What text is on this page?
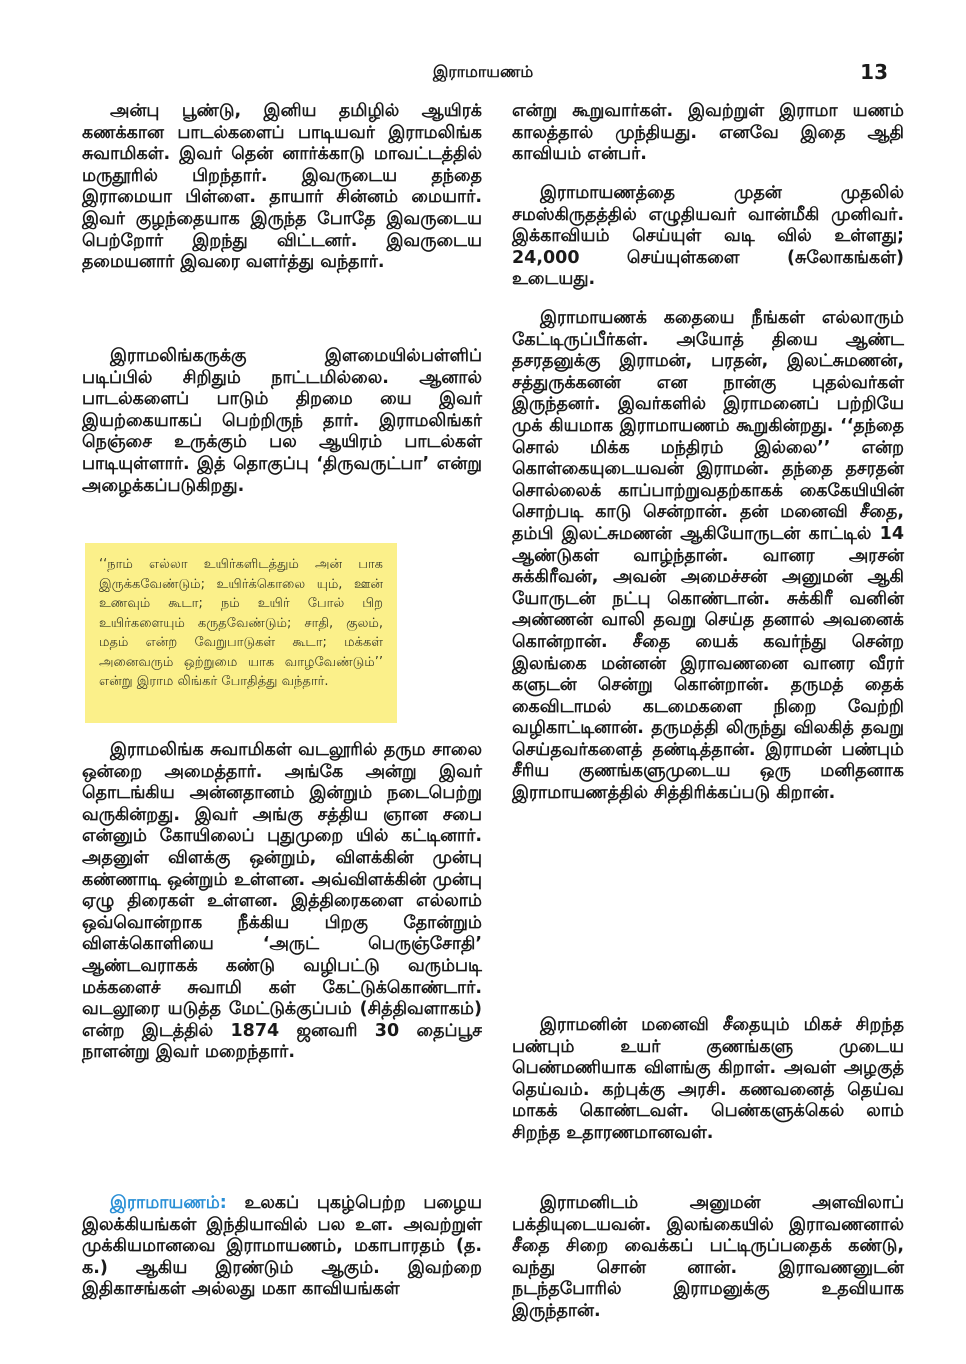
இராமாயணம்	13

அன்பு பூண்டு, இனிய தமிழில் ஆயிரக் கணக்கான பாடல்களைப் பாடியவர் இராமலிங்க சுவாமிகள். இவர் தென் னார்க்காடு மாவட்டத்தில் மருதூரில் பிறந்தார். இவருடைய தந்தை இராமையா பிள்ளை. தாயார் சின்னம் மையார். இவர் குழந்தையாக இருந்த போதே இவருடைய பெற்றோர் இறந்து விட்டனர். இவருடைய தமையனார் இவரை வளர்த்து வந்தார்.

இராமலிங்கருக்கு இளமையில்பள்ளிப் படிப்பில் சிறிதும் நாட்டமில்லை. ஆனால் பாடல்களைப் பாடும் திறமை யை இவர் இயற்கையாகப் பெற்றிருந் தார். இராமலிங்கர் நெஞ்சை உருக்கும் பல ஆயிரம் பாடல்கள் பாடியுள்ளார். இத் தொகுப்பு ‘திருவருட்பா’ என்று அழைக்கப்படுகிறது.

‘‘நாம் எல்லா உயிர்களிடத்தும் அன் பாக இருக்கவேண்டும்; உயிர்க்கொலை யும், ஊன் உணவும் கூடா; நம் உயிர் போல் பிற உயிர்களையும் கருதவேண்டும்; சாதி, குலம், மதம் என்ற வேறுபாடுகள் கூடா; மக்கள் அனைவரும் ஒற்றுமை யாக வாழவேண்டும்’’ என்று இராம லிங்கர் போதித்து வந்தார்.

இராமலிங்க சுவாமிகள் வடலூரில் தரும சாலை ஒன்றை அமைத்தார். அங்கே அன்று இவர் தொடங்கிய அன்னதானம் இன்றும் நடைபெற்று வருகின்றது. இவர் அங்கு சத்திய ஞான சபை என்னும் கோயிலைப் புதுமுறை யில் கட்டினார். அதனுள் விளக்கு ஒன்றும், விளக்கின் முன்பு கண்ணாடி ஒன்றும் உள்ளன. அவ்விளக்கின் முன்பு ஏழு திரைகள் உள்ளன. இத்திரைகளை எல்லாம் ஒவ்வொன்றாக நீக்கிய பிறகு தோன்றும் விளக்கொளியை ‘அருட் பெருஞ்சோதி’ ஆண்டவராகக் கண்டு வழிபட்டு வரும்படி மக்களைச் சுவாமி கள் கேட்டுக்கொண்டார். வடலூரை யடுத்த மேட்டுக்குப்பம் (சித்திவளாகம்) என்ற இடத்தில் 1874 ஜனவரி 30 தைப்பூச நாளன்று இவர் மறைந்தார்.

இராமாயணம்: உலகப் புகழ்பெற்ற பழைய இலக்கியங்கள் இந்தியாவில் பல உள. அவற்றுள் முக்கியமானவை இராமாயணம், மகாபாரதம் (த. க.) ஆகிய இரண்டும் ஆகும். இவற்றை இதிகாசங்கள் அல்லது மகா காவியங்கள்

என்று கூறுவார்கள். இவற்றுள் இராமா யணம் காலத்தால் முந்தியது. எனவே இதை ஆதி காவியம் என்பர்.

இராமாயணத்தை முதன் முதலில் சமஸ்கிருதத்தில் எழுதியவர் வான்மீகி முனிவர். இக்காவியம் செய்யுள் வடி வில் உள்ளது; 24,000 செய்யுள்களை (சுலோகங்கள்) உடையது.

இராமாயணக் கதையை நீங்கள் எல்லாரும் கேட்டிருப்பீர்கள். அயோத் தியை ஆண்ட தசரதனுக்கு இராமன், பரதன், இலட்சுமணன், சத்துருக்கனன் என நான்கு புதல்வர்கள் இருந்தனர். இவர்களில் இராமனைப் பற்றியே முக் கியமாக இராமாயணம் கூறுகின்றது. ‘‘தந்தை சொல் மிக்க மந்திரம் இல்லை’’ என்ற கொள்கையுடையவன் இராமன். தந்தை தசரதன் சொல்லைக் காப்பாற்றுவதற்காகக் கைகேயியின் சொற்படி காடு சென்றான். தன் மனைவி சீதை, தம்பி இலட்சுமணன் ஆகியோருடன் காட்டில் 14 ஆண்டுகள் வாழ்ந்தான். வானர அரசன் சுக்கிரீவன், அவன் அமைச்சன் அனுமன் ஆகி யோருடன் நட்பு கொண்டான். சுக்கிரீ வனின் அண்ணன் வாலி தவறு செய்த தனால் அவனைக் கொன்றான். சீதை யைக் கவர்ந்து சென்ற இலங்கை மன்னன் இராவணனை வானர வீரர் களுடன் சென்று கொன்றான். தருமத் தைக் கைவிடாமல் கடமைகளை நிறை வேற்றி வழிகாட்டினான். தருமத்தி லிருந்து விலகித் தவறு செய்தவர்களைத் தண்டித்தான். இராமன் பண்பும் சீரிய குணங்களுமுடைய ஒரு மனிதனாக இராமாயணத்தில் சித்திரிக்கப்படு கிறான்.

இராமனின் மனைவி சீதையும் மிகச் சிறந்த பண்பும் உயர் குணங்களு முடைய பெண்மணியாக விளங்கு கிறாள். அவள் அழகுத் தெய்வம். கற்புக்கு அரசி. கணவனைத் தெய்வ மாகக் கொண்டவள். பெண்களுக்கெல் லாம் சிறந்த உதாரணமானவள்.

இராமனிடம் அனுமன் அளவிலாப் பக்தியுடையவன். இலங்கையில் இராவணனால் சீதை சிறை வைக்கப் பட்டிருப்பதைக் கண்டு, வந்து சொன் னான். இராவணனுடன் நடந்தபோரில் இராமனுக்கு உதவியாக இருந்தான்.
